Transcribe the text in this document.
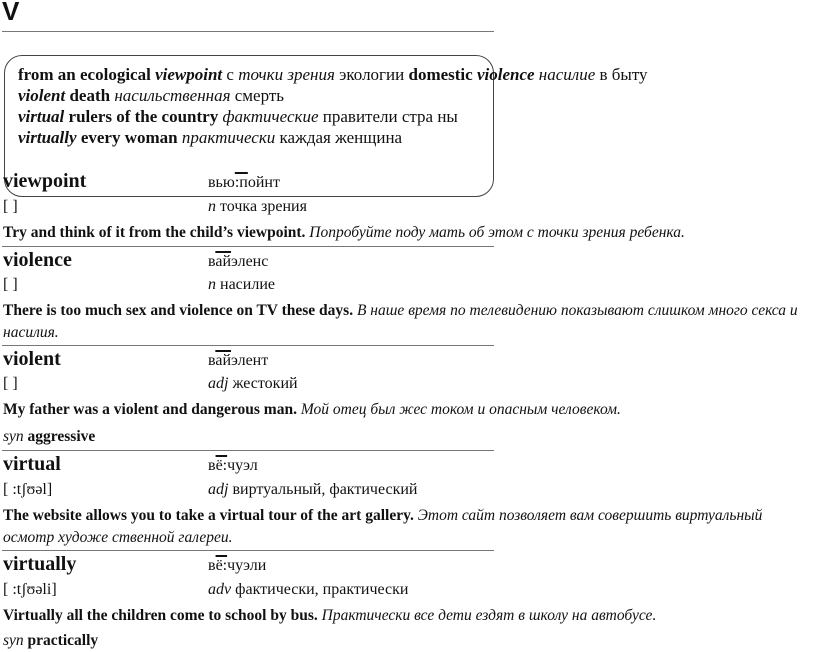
V
from an ecological viewpoint с точки зрения экологии domestic violence насилие в быту
violent death насильственная смерть
virtual rulers of the country фактические правители стра ны
virtually every woman практически каждая женщина
viewpoint	вью:пойнт
[ ]	n точка зрения
Try and think of it from the child’s viewpoint. Попробуйте поду мать об этом с точки зрения ребенка.
violence	вайэленс
[ ]	n насилие
There is too much sex and violence on TV these days. В наше время по телевидению показывают слишком много секса и насилия.
violent	вайэлент
[ ]	adj жестокий
My father was a violent and dangerous man. Мой отец был жес током и опасным человеком.
syn aggressive
virtual	вё:чуэл
[ :tʃʊəl]	adj виртуальный, фактический
The website allows you to take a virtual tour of the art gallery. Этот сайт позволяет вам совершить виртуальный осмотр художе ственной галереи.
virtually	вё:чуэли
[ :tʃʊəli]	adv фактически, практически
Virtually all the children come to school by bus. Практически все дети ездят в школу на автобусе.
syn practically
